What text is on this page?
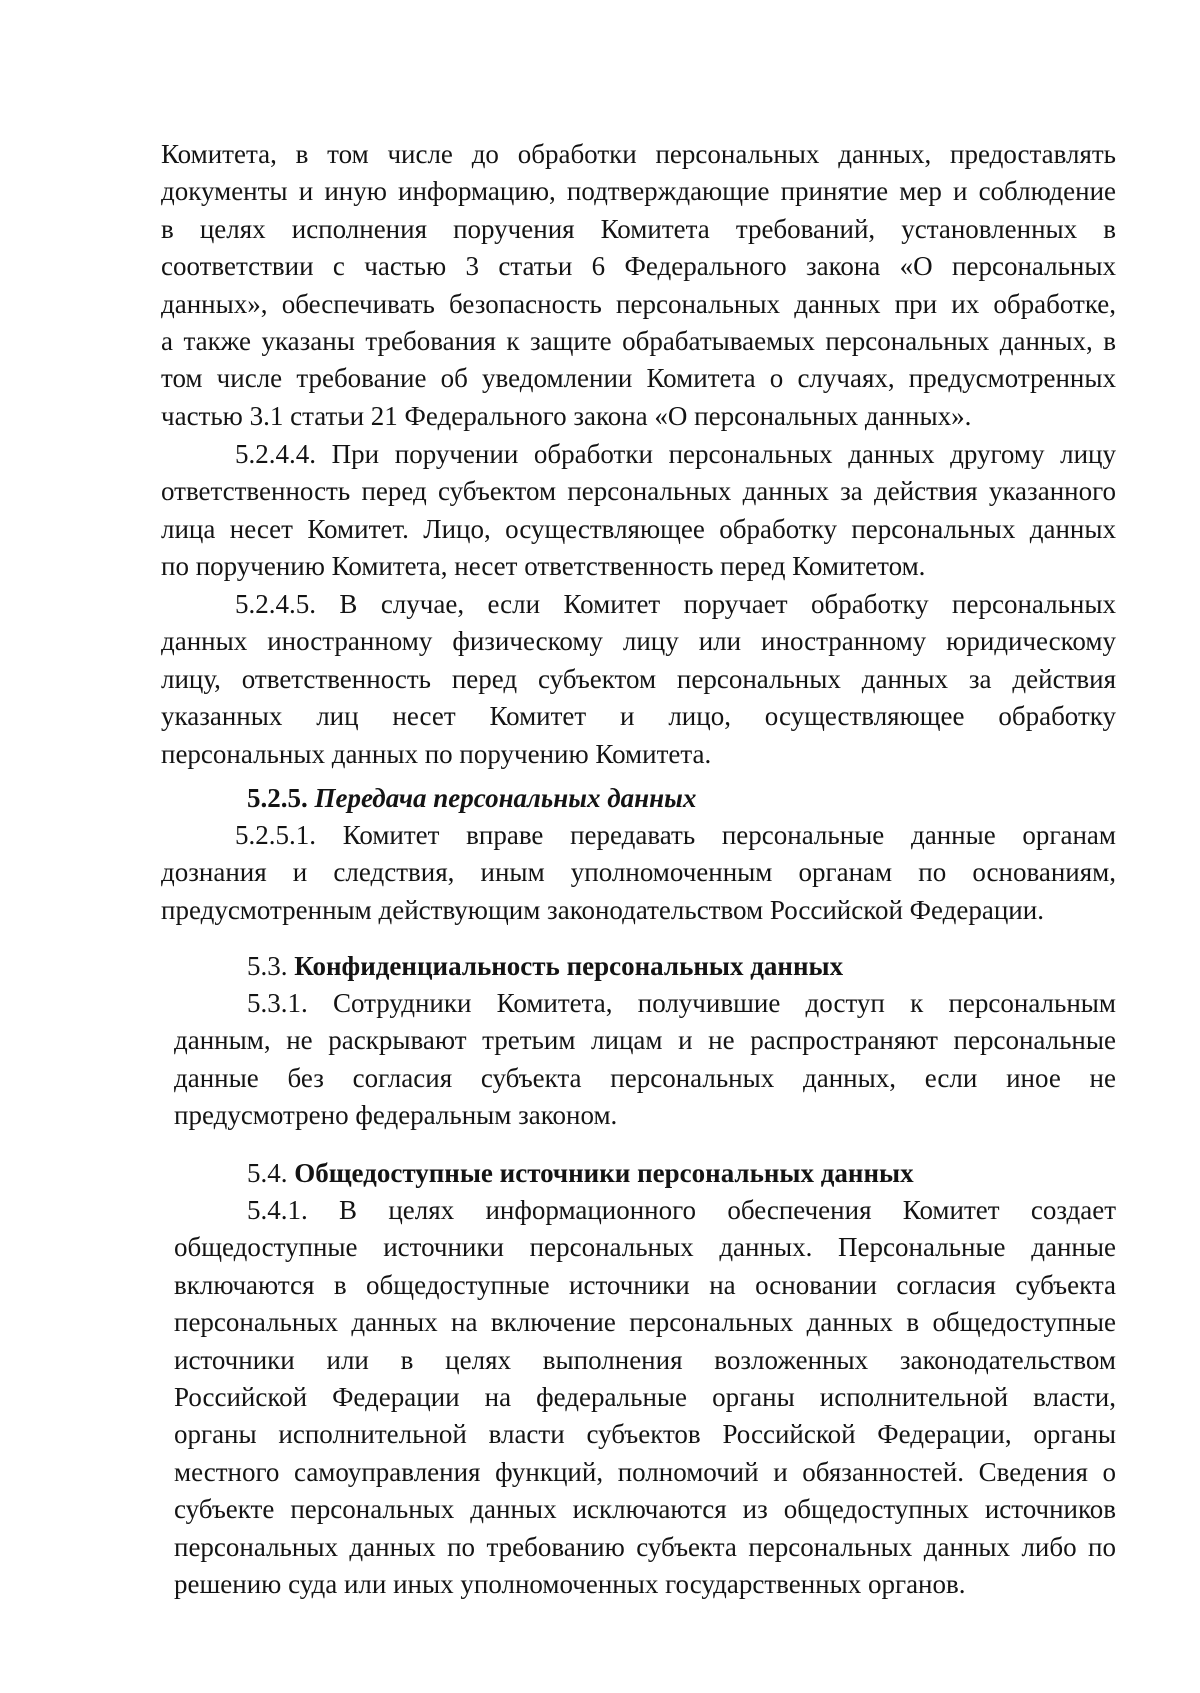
Комитета, в том числе до обработки персональных данных, предоставлять
документы и иную информацию, подтверждающие принятие мер и соблюдение
в целях исполнения поручения Комитета требований, установленных в
соответствии с частью 3 статьи 6 Федерального закона «О персональных
данных», обеспечивать безопасность персональных данных при их обработке,
а также указаны требования к защите обрабатываемых персональных данных, в
том числе требование об уведомлении Комитета о случаях, предусмотренных
частью 3.1 статьи 21 Федерального закона «О персональных данных».
5.2.4.4. При поручении обработки персональных данных другому лицу
ответственность перед субъектом персональных данных за действия указанного
лица несет Комитет. Лицо, осуществляющее обработку персональных данных
по поручению Комитета, несет ответственность перед Комитетом.
5.2.4.5. В случае, если Комитет поручает обработку персональных
данных иностранному физическому лицу или иностранному юридическому
лицу, ответственность перед субъектом персональных данных за действия
указанных лиц несет Комитет и лицо, осуществляющее обработку
персональных данных по поручению Комитета.
5.2.5. Передача персональных данных
5.2.5.1. Комитет вправе передавать персональные данные органам
дознания и следствия, иным уполномоченным органам по основаниям,
предусмотренным действующим законодательством Российской Федерации.
5.3. Конфиденциальность персональных данных
5.3.1. Сотрудники Комитета, получившие доступ к персональным
данным, не раскрывают третьим лицам и не распространяют персональные
данные без согласия субъекта персональных данных, если иное не
предусмотрено федеральным законом.
5.4. Общедоступные источники персональных данных
5.4.1. В целях информационного обеспечения Комитет создает
общедоступные источники персональных данных. Персональные данные
включаются в общедоступные источники на основании согласия субъекта
персональных данных на включение персональных данных в общедоступные
источники или в целях выполнения возложенных законодательством
Российской Федерации на федеральные органы исполнительной власти,
органы исполнительной власти субъектов Российской Федерации, органы
местного самоуправления функций, полномочий и обязанностей. Сведения о
субъекте персональных данных исключаются из общедоступных источников
персональных данных по требованию субъекта персональных данных либо по
решению суда или иных уполномоченных государственных органов.
